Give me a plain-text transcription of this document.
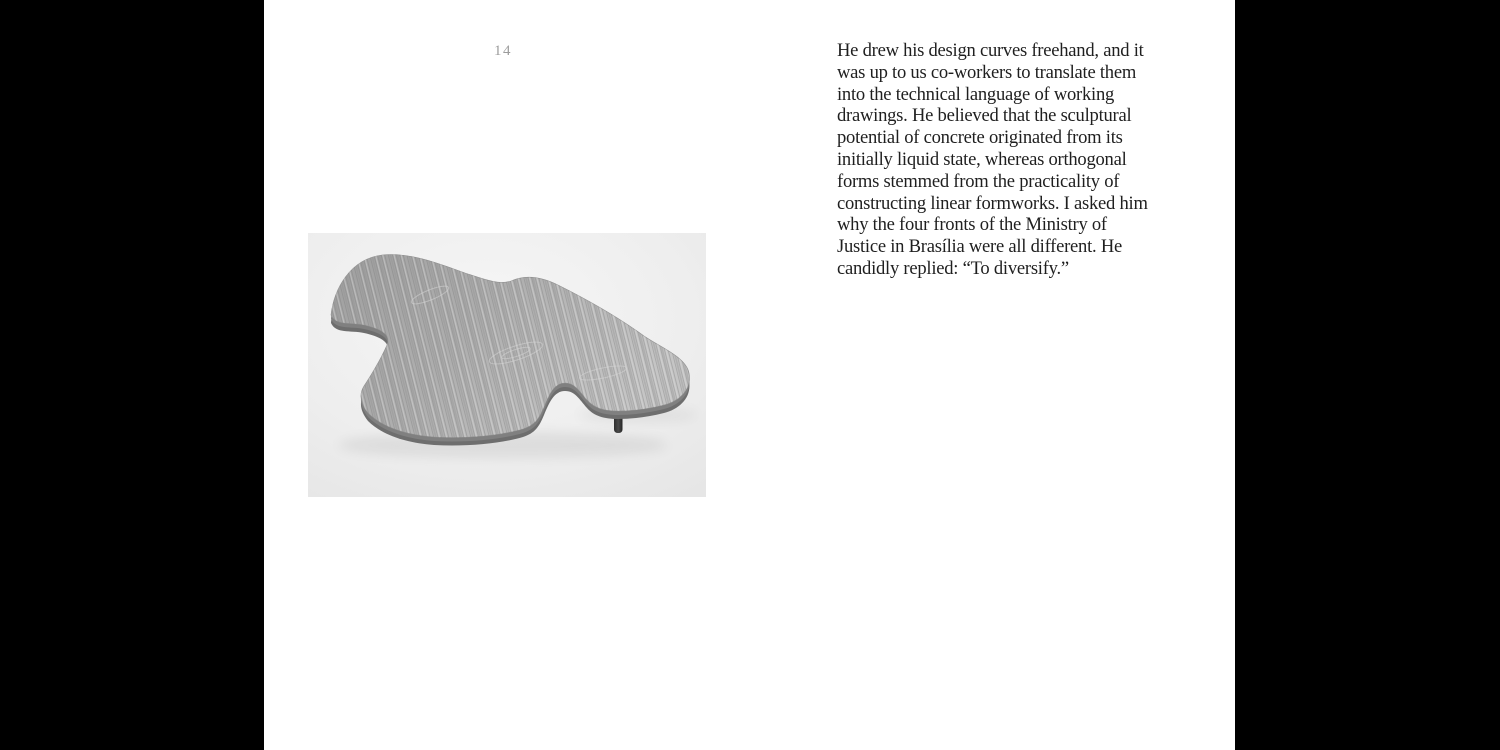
14	He drew his design curves freehand, and it
was up to us co-workers to translate them
into the technical language of working
drawings. He believed that the sculptural
potential of concrete originated from its
initially liquid state, whereas orthogonal
forms stemmed from the practicality of
constructing linear formworks. I asked him
why the four fronts of the Ministry of
Justice in Brasília were all different. He
candidly replied: “To diversify.”
